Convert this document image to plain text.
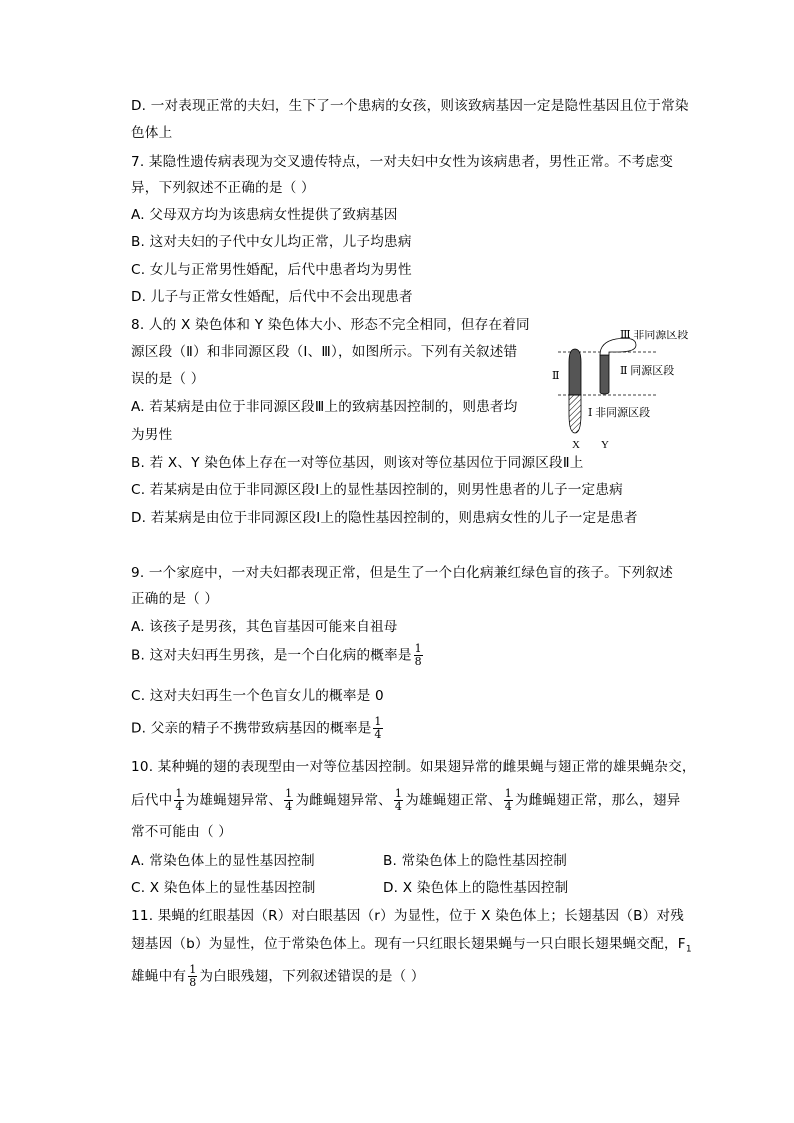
D. 一对表现正常的夫妇，生下了一个患病的女孩，则该致病基因一定是隐性基因且位于常染
色体上
7. 某隐性遗传病表现为交叉遗传特点，一对夫妇中女性为该病患者，男性正常。不考虑变
异，下列叙述不正确的是（ ）
A. 父母双方均为该患病女性提供了致病基因
B. 这对夫妇的子代中女儿均正常，儿子均患病
C. 女儿与正常男性婚配，后代中患者均为男性
D. 儿子与正常女性婚配，后代中不会出现患者
8. 人的 X 染色体和 Y 染色体大小、形态不完全相同，但存在着同
源区段（Ⅱ）和非同源区段（Ⅰ、Ⅲ），如图所示。下列有关叙述错
误的是（ ）
A. 若某病是由位于非同源区段Ⅲ上的致病基因控制的，则患者均
为男性
B. 若 X、Y 染色体上存在一对等位基因，则该对等位基因位于同源区段Ⅱ上
C. 若某病是由位于非同源区段Ⅰ上的显性基因控制的，则男性患者的儿子一定患病
D. 若某病是由位于非同源区段Ⅰ上的隐性基因控制的，则患病女性的儿子一定是患者
Ⅲ 非同源区段
Ⅱ 同源区段
Ⅰ 非同源区段
Ⅱ
X Y
9. 一个家庭中，一对夫妇都表现正常，但是生了一个白化病兼红绿色盲的孩子。下列叙述
正确的是（ ）
A. 该孩子是男孩，其色盲基因可能来自祖母
B. 这对夫妇再生男孩，是一个白化病的概率是 $\frac{1}{8}$
C. 这对夫妇再生一个色盲女儿的概率是 0
D. 父亲的精子不携带致病基因的概率是 $\frac{1}{4}$
10. 某种蝇的翅的表现型由一对等位基因控制。如果翅异常的雌果蝇与翅正常的雄果蝇杂交，
后代中 $\frac{1}{4}$ 为雄蝇翅异常、 $\frac{1}{4}$ 为雌蝇翅异常、 $\frac{1}{4}$ 为雄蝇翅正常、 $\frac{1}{4}$ 为雌蝇翅正常，那么，翅异
常不可能由（ ）
A. 常染色体上的显性基因控制	B. 常染色体上的隐性基因控制
C. X 染色体上的显性基因控制	D. X 染色体上的隐性基因控制
11. 果蝇的红眼基因（R）对白眼基因（r）为显性，位于 X 染色体上；长翅基因（B）对残
翅基因（b）为显性，位于常染色体上。现有一只红眼长翅果蝇与一只白眼长翅果蝇交配，$F_1$
雄蝇中有 $\frac{1}{8}$ 为白眼残翅，下列叙述错误的是（ ）
